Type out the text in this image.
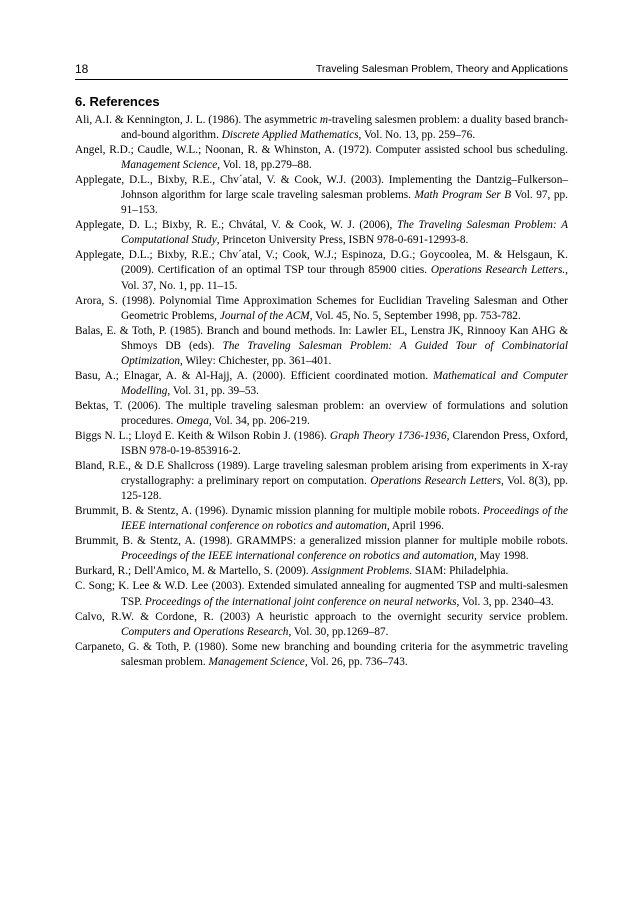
18	Traveling Salesman Problem, Theory and Applications
6. References

Ali, A.I. & Kennington, J. L. (1986). The asymmetric m-traveling salesmen problem: a duality based branch-and-bound algorithm. Discrete Applied Mathematics, Vol. No. 13, pp. 259–76.

Angel, R.D.; Caudle, W.L.; Noonan, R. & Whinston, A. (1972). Computer assisted school bus scheduling. Management Science, Vol. 18, pp.279–88.

Applegate, D.L., Bixby, R.E., Chv´atal, V. & Cook, W.J. (2003). Implementing the Dantzig–Fulkerson–Johnson algorithm for large scale traveling salesman problems. Math Program Ser B Vol. 97, pp. 91–153.

Applegate, D. L.; Bixby, R. E.; Chvátal, V. & Cook, W. J. (2006), The Traveling Salesman Problem: A Computational Study, Princeton University Press, ISBN 978-0-691-12993-8.

Applegate, D.L.; Bixby, R.E.; Chv´atal, V.; Cook, W.J.; Espinoza, D.G.; Goycoolea, M. & Helsgaun, K. (2009). Certification of an optimal TSP tour through 85900 cities. Operations Research Letters., Vol. 37, No. 1, pp. 11–15.

Arora, S. (1998). Polynomial Time Approximation Schemes for Euclidian Traveling Salesman and Other Geometric Problems, Journal of the ACM, Vol. 45, No. 5, September 1998, pp. 753-782.

Balas, E. & Toth, P. (1985). Branch and bound methods. In: Lawler EL, Lenstra JK, Rinnooy Kan AHG & Shmoys DB (eds). The Traveling Salesman Problem: A Guided Tour of Combinatorial Optimization, Wiley: Chichester, pp. 361–401.

Basu, A.; Elnagar, A. & Al-Hajj, A. (2000). Efficient coordinated motion. Mathematical and Computer Modelling, Vol. 31, pp. 39–53.

Bektas, T. (2006). The multiple traveling salesman problem: an overview of formulations and solution procedures. Omega, Vol. 34, pp. 206-219.

Biggs N. L.; Lloyd E. Keith & Wilson Robin J. (1986). Graph Theory 1736-1936, Clarendon Press, Oxford, ISBN 978-0-19-853916-2.

Bland, R.E., & D.E Shallcross (1989). Large traveling salesman problem arising from experiments in X-ray crystallography: a preliminary report on computation. Operations Research Letters, Vol. 8(3), pp. 125-128.

Brummit, B. & Stentz, A. (1996). Dynamic mission planning for multiple mobile robots. Proceedings of the IEEE international conference on robotics and automation, April 1996.

Brummit, B. & Stentz, A. (1998). GRAMMPS: a generalized mission planner for multiple mobile robots. Proceedings of the IEEE international conference on robotics and automation, May 1998.

Burkard, R.; Dell'Amico, M. & Martello, S. (2009). Assignment Problems. SIAM: Philadelphia.

C. Song; K. Lee & W.D. Lee (2003). Extended simulated annealing for augmented TSP and multi-salesmen TSP. Proceedings of the international joint conference on neural networks, Vol. 3, pp. 2340–43.

Calvo, R.W. & Cordone, R. (2003) A heuristic approach to the overnight security service problem. Computers and Operations Research, Vol. 30, pp.1269–87.

Carpaneto, G. & Toth, P. (1980). Some new branching and bounding criteria for the asymmetric traveling salesman problem. Management Science, Vol. 26, pp. 736–743.
